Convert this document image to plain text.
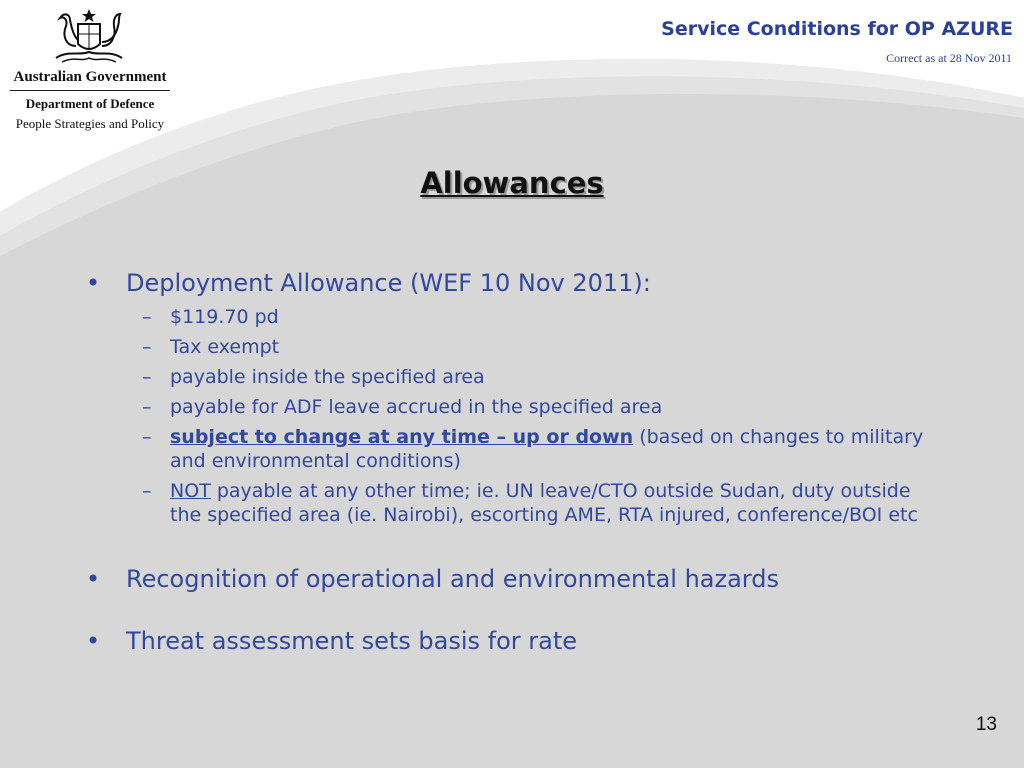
Australian Government
Department of Defence
People Strategies and Policy
Service Conditions for OP AZURE
Correct as at 28 Nov 2011
Allowances
• Deployment Allowance (WEF 10 Nov 2011):
– $119.70 pd
– Tax exempt
– payable inside the specified area
– payable for ADF leave accrued in the specified area
– subject to change at any time – up or down (based on changes to military and environmental conditions)
– NOT payable at any other time; ie. UN leave/CTO outside Sudan, duty outside the specified area (ie. Nairobi), escorting AME, RTA injured, conference/BOI etc
• Recognition of operational and environmental hazards
• Threat assessment sets basis for rate
13
